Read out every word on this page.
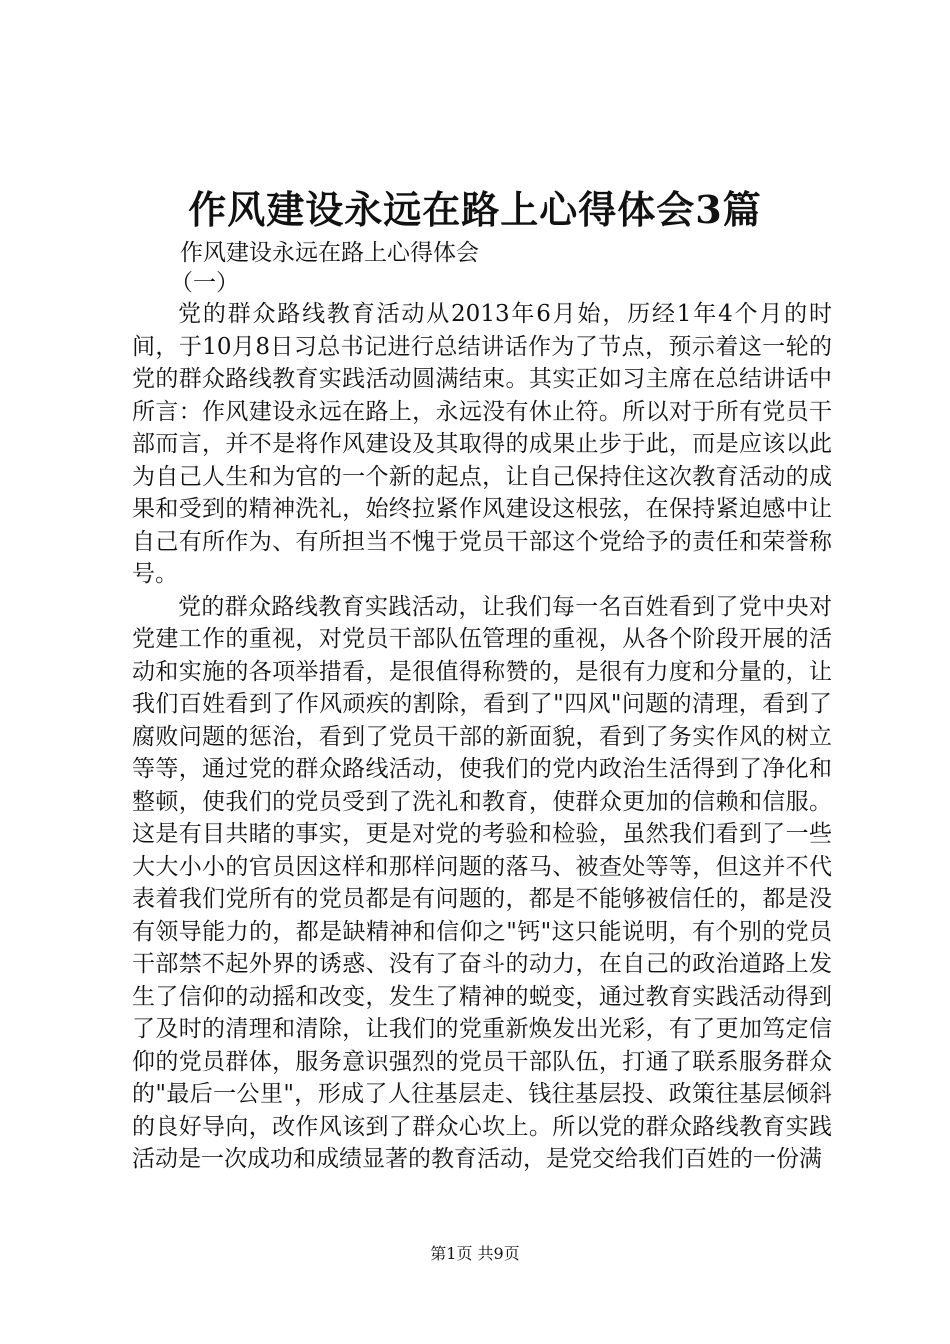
作风建设永远在路上心得体会3篇
作风建设永远在路上心得体会
（一）

党的群众路线教育活动从2013年6月始，历经1年4个月的时间，于10月8日习总书记进行总结讲话作为了节点，预示着这一轮的党的群众路线教育实践活动圆满结束。其实正如习主席在总结讲话中所言：作风建设永远在路上，永远没有休止符。所以对于所有党员干部而言，并不是将作风建设及其取得的成果止步于此，而是应该以此为自己人生和为官的一个新的起点，让自己保持住这次教育活动的成果和受到的精神洗礼，始终拉紧作风建设这根弦，在保持紧迫感中让自己有所作为、有所担当不愧于党员干部这个党给予的责任和荣誉称号。

党的群众路线教育实践活动，让我们每一名百姓看到了党中央对党建工作的重视，对党员干部队伍管理的重视，从各个阶段开展的活动和实施的各项举措看，是很值得称赞的，是很有力度和分量的，让我们百姓看到了作风顽疾的割除，看到了"四风"问题的清理，看到了腐败问题的惩治，看到了党员干部的新面貌，看到了务实作风的树立等等，通过党的群众路线活动，使我们的党内政治生活得到了净化和整顿，使我们的党员受到了洗礼和教育，使群众更加的信赖和信服。这是有目共睹的事实，更是对党的考验和检验，虽然我们看到了一些大大小小的官员因这样和那样问题的落马、被查处等等，但这并不代表着我们党所有的党员都是有问题的，都是不能够被信任的，都是没有领导能力的，都是缺精神和信仰之"钙"这只能说明，有个别的党员干部禁不起外界的诱惑、没有了奋斗的动力，在自己的政治道路上发生了信仰的动摇和改变，发生了精神的蜕变，通过教育实践活动得到了及时的清理和清除，让我们的党重新焕发出光彩，有了更加笃定信仰的党员群体，服务意识强烈的党员干部队伍，打通了联系服务群众的"最后一公里"，形成了人往基层走、钱往基层投、政策往基层倾斜的良好导向，改作风该到了群众心坎上。所以党的群众路线教育实践活动是一次成功和成绩显著的教育活动，是党交给我们百姓的一份满

第1页 共9页
